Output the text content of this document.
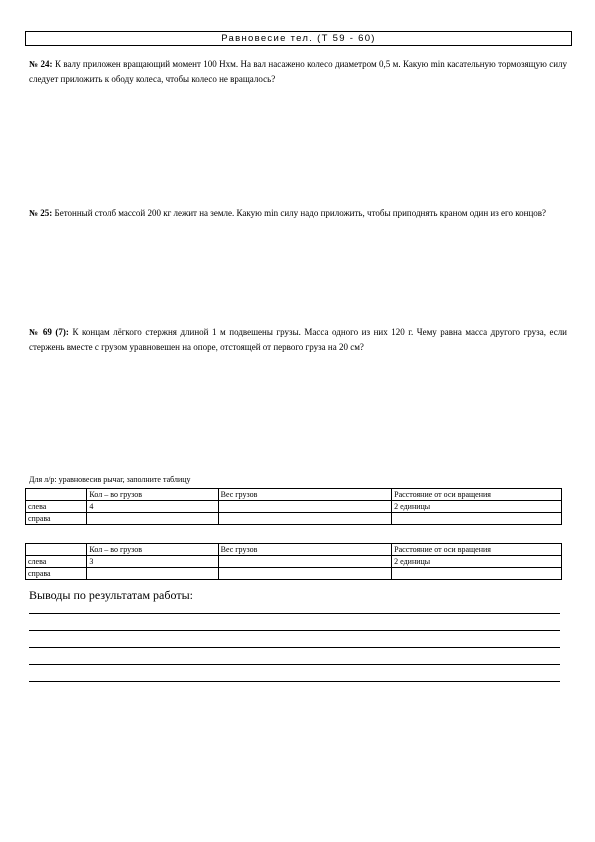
Равновесие тел. (Т 59 - 60)
№ 24: К валу приложен вращающий момент 100 Нхм. На вал насажено колесо диаметром 0,5 м. Какую min касательную тормозящую силу следует приложить к ободу колеса, чтобы колесо не вращалось?
№ 25: Бетонный столб массой 200 кг лежит на земле. Какую min силу надо приложить, чтобы приподнять краном один из его концов?
№ 69 (7): К концам лёгкого стержня длиной 1 м подвешены грузы. Масса одного из них 120 г. Чему равна масса другого груза, если стержень вместе с грузом уравновешен на опоре, отстоящей от первого груза на 20 см?
Для л/р: уравновесив рычаг, заполните таблицу
	Кол – во грузов	Вес грузов	Расстояние от оси вращения
слева	4		2 единицы
справа			
	Кол – во грузов	Вес грузов	Расстояние от оси вращения
слева	3		2 единицы
справа			
Выводы по результатам работы:
